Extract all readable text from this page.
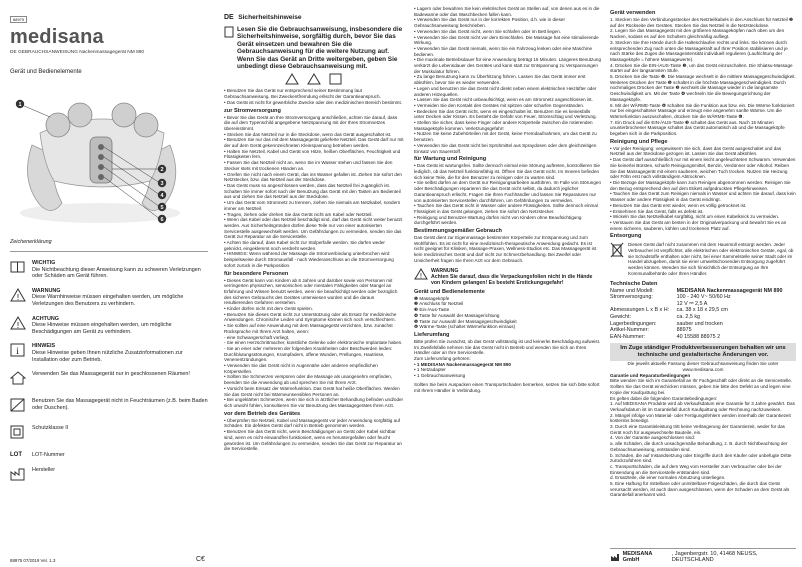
88975
medisana
DE GEBRAUCHSANWEISUNG Nackenmassagegerät NM 890
Gerät und Bedienelemente
1
2
3
4
5
6
Zeichenerklärung
WICHTIG
Die Nichtbeachtung dieser Anweisung kann zu schweren Verletzungen oder Schäden am Gerät führen.
!
WARNUNG
Diese Warnhinweise müssen eingehalten werden, um mögliche Verletzungen des Benutzers zu verhindern.
!
ACHTUNG
Diese Hinweise müssen eingehalten werden, um mögliche Beschädigungen am Gerät zu verhindern.
i HINWEIS
Diese Hinweise geben Ihnen nützliche Zusatzinformationen zur Installation oder zum Betrieb.
Verwenden Sie das Massagegerät nur in geschlossenen Räumen!
Benutzen Sie das Massagegerät nicht in Feuchträumen (z.B. beim Baden oder Duschen).
Schutzklasse II
LOT	LOT-Nummer
Hersteller
88975 07/2019 Ver. 1.3	C€
DE Sicherheitshinweise
Lesen Sie die Gebrauchsanweisung, insbesondere die Sicherheitshinweise, sorgfältig durch, bevor Sie das Gerät einsetzen und bewahren Sie die Gebrauchsanweisung für die weitere Nutzung auf. Wenn Sie das Gerät an Dritte weitergeben, geben Sie unbedingt diese Gebrauchsanweisung mit.

• Benutzen Sie das Gerät nur entsprechend seiner Bestimmung laut Gebrauchsanweisung. Bei Zweckentfremdung erlischt der Garantieanspruch.

• Das Gerät ist nicht für gewerbliche Zwecke oder den medizinischen Bereich bestimmt.

zur Stromversorgung

• Bevor Sie das Gerät an Ihre Stromversorgung anschließen, achten Sie darauf, dass die auf dem Typenschild angegebene Netzspannung mit der Ihres Stromnetzes übereinstimmt.

• Stecken Sie das Netzteil nur in die Steckdose, wenn das Gerät ausgeschaltet ist.

• Benutzen Sie nur das mit dem Massagegerät gelieferte Netzteil. Das Gerät darf nur mit der auf dem Gerät gekennzeichneten Kleinspannung betrieben werden.

• Halten Sie Netzteil, Kabel und Gerät von Hitze, heißen Oberflächen, Feuchtigkeit und Flüssigkeiten fern.

• Fassen Sie das Netzteil nicht an, wenn Sie im Wasser stehen und fassen Sie den Stecker stets mit trockenen Händen an.

• Greifen Sie nicht nach einem Gerät, das ins Wasser gefallen ist. Ziehen Sie sofort den Netzstecker, bzw. das Netzteil aus der Steckdose.

• Das Gerät muss so angeschlossen werden, dass das Netzteil frei zugänglich ist. Schalten Sie immer sofort nach der Benutzung das Gerät mit den Tasten am Bedienteil aus und ziehen Sie das Netzteil aus der Steckdose.

• Um das Gerät vom Stromnetz zu trennen, ziehen Sie niemals am Netzkabel, sondern immer am Netzteil.

• Tragen, ziehen oder drehen Sie das Gerät nicht am Kabel oder Netzteil.

• Wenn das Kabel oder das Netzteil beschädigt sind, darf das Gerät nicht weiter benutzt werden. Aus Sicherheitsgründen dürfen diese Teile nur von einer autorisierten Servicestelle ausgewechselt werden. Um Gefährdungen zu vermeiden, senden Sie das Gerät zur Reparatur an die Servicestelle.

• Achten Sie darauf, dass Kabel nicht zur Stolperfalle werden. Sie dürfen weder geknickt, eingeklemmt noch verdreht werden.

• HINWEIS: Wenn während der Massage die Stromverbindung unterbrochen wird beispielsweise durch Stromausfall - nach Wiederanschluss an die Stromversorgung sofort zurück in die Parkposition.

für besondere Personen

• Dieses Gerät kann von Kindern ab 8 Jahren und darüber sowie von Personen mit verringerten physischen, sensorischen oder mentalen Fähigkeiten oder Mangel an Erfahrung und Wissen benutzt werden, wenn sie beaufsichtigt werden oder bezüglich des sicheren Gebrauchs des Gerätes unterwiesen wurden und die daraus resultierenden Gefahren verstehen.

• Kinder dürfen nicht mit dem Gerät spielen.

• Benutzen Sie dieses Gerät nicht zur Unterstützung oder als Ersatz für medizinische Anwendungen. Chronische Leiden und Symptome können sich noch verschlechtern.

• Sie sollten auf eine Anwendung mit dem Massagegerät verzichten, bzw. zunächst Rücksprache mit Ihrem Arzt halten, wenn:

- eine Schwangerschaft vorliegt,

- Sie einen Herzschrittmacher, künstliche Gelenke oder elektronische Implantate haben.

- Sie an einer oder mehreren der folgenden Krankheiten oder Beschwerden leiden: Durchblutungsstörungen, Krampfadern, offene Wunden, Prellungen, Hautrisse, Venenentzündungen.

• Verwenden Sie das Gerät nicht in Augennähe oder anderen empfindlichen Körperstellen.

• Sollten Sie Schmerzen verspüren oder die Massage als unangenehm empfinden, beenden Sie die Anwendung ab und sprechen Sie mit Ihrem Arzt.

• Vorsicht beim Einsatz der Wärmefunktion. Das Gerät hat heiße Oberflächen. Werden Sie das Gerät nicht bei Wärmeunsensiblen Personen an.

• Bei ungeklärten Schmerzen, wenn Sie sich in ärztlicher Behandlung befinden und/oder sich unwohl fühlen, konsultieren Sie vor Benutzung des Massagegerätes Ihren Arzt.

vor dem Betrieb des Gerätes

• Überprüfen Sie Netzteil, Kabel und Massagegerät vor jeder Anwendung sorgfältig auf Schäden. Ein defektes Gerät darf nicht in Betrieb genommen werden.

• Benutzen Sie das Gerät nicht, wenn Beschädigungen an Gerät oder Kabel sichtbar sind, wenn es nicht einwandfrei funktioniert, wenn es heruntergefallen oder feucht geworden ist. Um Gefährdungen zu vermeiden, senden Sie das Gerät zur Reparatur an die Servicestelle.

• Lagern oder bewahren Sie kein elektrisches Gerät an Stellen auf, von denen aus es in die Badewanne oder das Waschbecken fallen kann.

• Verwenden Sie das Gerät nur in der korrekten Position, d.h. wie in dieser Gebrauchsanweisung beschrieben.

• Verwenden Sie das Gerät nicht, wenn Sie schlafen oder im Bett liegen.

• Verwenden Sie das Gerät nicht vor dem Einschlafen. Die Massage hat eine stimulierende Wirkung.

• Verwenden Sie das Gerät niemals, wenn Sie ein Fahrzeug lenken oder eine Maschine bedienen.

• Die maximale Betriebsdauer für eine Anwendung beträgt 15 Minuten. Längeres Benutzung verkürzt die Lebensdauer des Gerätes und kann statt zur Entspannung zu Verspannungen der Muskulatur führen.

• Zu lange Benutzung kann zu Überhitzung führen. Lassen Sie das Gerät immer erst abkühlen, bevor Sie es wieder verwenden.

• Legen und benutzen Sie das Gerät nicht direkt neben einem elektrischen Heizlüfter oder anderen Hitzequellen.

• Lassen Sie das Gerät nicht unbeaufsichtigt, wenn es am Stromnetz angeschlossen ist.

• Vermeiden Sie den Kontakt des Gerätes mit spitzen oder scharfen Gegenständen.

• Bedecken Sie das Gerät nicht, wenn es eingeschaltet ist. Benutzen Sie es keinesfalls unter Decken oder Kissen. Es besteht die Gefahr von Feuer, Stromschlag und Verletzung.

• Stellen Sie sicher, dass keine Finger oder andere Körperteile zwischen die rotierenden Massageköpfe kommen. Verletzungsgefahr!

• Nutzen Sie keine Zubehörteilen mit der Gerät, keine Fremdaufnahmen, um das Gerät zu benutzen.

• Verwenden Sie das Gerät nicht bei Sprühmittel aus Spraydosen oder dem gleichzeitigen Einsatz von Sauerstoff.

für Wartung und Reinigung

• Das Gerät ist wartungsfrei. Sollte dennoch einmal eine Störung auftreten, kontrollieren Sie lediglich, ob das Netzteil funktionsfähig ist. Öffnen Sie das Gerät nicht. Im Inneren befinden sich keine Teile, die für den Benutzer zu reinigen oder zu warten sind.

• Sie selbst dürfen an dem Gerät nur Reinigungsarbeiten ausführen. Im Falle von Störungen oder Beschädigungen reparieren Sie das Gerät nicht selbst, da dadurch jeglicher Garantieanspruch erlischt. Fragen Sie Ihren Fachhändler und lassen Sie Reparaturen nur von autorisierten Servicestellen durchführen, um Gefährdungen zu vermeiden.

• Tauchen Sie das Gerät nicht in Wasser oder andere Flüssigkeiten. Sollte dennoch einmal Flüssigkeit in das Gerät gelangen, ziehen Sie sofort den Netzstecker.

• Reinigung und Benutzer-Wartung dürfen nicht von Kindern ohne Beaufsichtigung durchgeführt werden.

Bestimmungsgemäßer Gebrauch

Das Gerät dient zur Eigenmassage bestimmter Körperteile zur Entspannung und zum Wohlfühlen. Es ist nicht für eine medizinisch-therapeutische Anwendung gedacht. Es ist nicht geeignet für Kliniken, Massage-Praxen, Wellness-Studios etc. Das Massagegerät ist kein medizinisches Gerät und darf nicht zur Schmerzbehandlung. Bei Zweifel oder Unsicherheit fragen Sie Ihren Arzt vor dem Gebrauch.

!
WARNUNG
Achten Sie darauf, dass die Verpackungsfolien nicht in die Hände von Kindern gelangen! Es besteht Erstickungsgefahr!
Gerät und Bedienelemente

❶ Massageköpfe

❷ Anschluss für Netzteil

❸ Ein-/Aus-Taste

❹ Taste für Auswahl der Massagerichtung

❺ Taste zur Auswahl der Massagegeschwindigkeit

❻ Wärme-Taste (schaltet Wärmefunktion ein/aus)

Lieferumfang

Bitte prüfen Sie zunächst, ob das Gerät vollständig ist und keinerlei Beschädigung aufweist. Im Zweifelsfalle nehmen Sie das Gerät nicht in Betrieb und wenden Sie sich an Ihren Händler oder an Ihre Servicestelle.

Zum Lieferumfang gehören:

• 1 MEDISANA Nackenmassagegerät NM 890

• 1 Netzadapter

• 1 Gebrauchsanweisung

Sollten Sie beim Auspacken einen Transportschaden bemerken, setzen Sie sich bitte sofort mit Ihrem Händler in Verbindung.

Gerät verwenden

1. Stecken Sie den Verbindungsstecker des Netzteilkabels in den Anschluss für Netzteil ❷ auf der Rückseite des Gerätes. Stecken Sie das Netzteil in die Netzsteckdose.

2. Legen Sie das Massagegerät mit den größeren Massageköpfen nach oben um den Nacken, sodass es auf den Schultern gleichmäßig aufliegt.

3. Stecken Sie Ihre Hände durch die Halteschlaufen rechts und links. Sie können durch entsprechenden Zug nach unten die Massagekraft auf Ihrer Position stabilisieren und je nach Stärke des Zuges die Massageintensität individuell regulieren (Laufrichtung der Massageköpfe = höhere Massagewerte).

4. Drücken Sie die EIN-/AUS-Taste ❸, um das Gerät einzuschalten. Die Shiatsu-Massage startet auf der langsamsten Stufe.

5. Drücken Sie die Taste ❺. Die Massage wechselt in die mittlere Massagegeschwindigkeit. Weiteres Drücken der Taste ❺ schaltet in die höchste Massagegeschwindigkeit. Durch nochmaliges Drücken der Taste ❺ wechselt die Massage wieder in die langsamste Geschwindigkeit um. Mit der Taste ❹ wechseln Sie die Bewegungsrichtung der Massageköpfe.

6. Mit der WÄRME-Taste ❻ schalten Sie die Funktion aus bzw. ein. Die Wärme funktioniert nur bei eingeschalteter Massage und erzeugt eine angenehm sanfte Wärme. Um die Wärmefunktion auszuschalten, drücken Sie die WÄRME-Taste ❻.

7. Ein Druck auf die EIN-/AUS-Taste ❸ schaltet das Gerät aus. Nach 15 Minuten ununterbrochener Massage schaltet das Gerät automatisch ab und die Massageköpfe begeben sich in die Parkposition.

Reinigung und Pflege

• Vor jeder Reinigung: vergewissern Sie sich, dass das Gerät ausgeschaltet und das Netzteil aus der Steckdose gezogen ist. Lassen Sie das Gerät abkühlen.

• Das Gerät darf ausschließlich nur mit einem leicht angefeuchteten Schwamm. Verwenden Sie keinerlei Bürsten, scharfe Reinigungsmittel, Benzin, Verdünner oder Alkohol. Reiben Sie das Massagegerät mit einem sauberen, weichen Tuch trocken. Nutzen Sie Heizung oder Föhn erst nach vollständigem Abtrocknen.

• Die Bezüge der Massageköpfe kann zum Reinigen abgenommen werden. Reinigen Sie den Bezug entsprechend den auf dem Etikett aufgedruckten Pflegehinweisen.

• Tauchen Sie das Gerät zum Reinigen niemals in Wasser und achten Sie darauf, dass kein Wasser oder andere Flüssigkeit in das Gerät eindringt.

• Benutzen Sie das Gerät erst wieder, wenn es völlig getrocknet ist.

• Entnehmen Sie das Gerät, falls es defekt ist.

• Wickeln Sie das Netzteilkabel sorgfältig, nicht um einen Kabelknick zu vermeiden.

• Verstauen Sie das Gerät am besten in der Originalverpackung und bewahrt Sie es an einem sicheren, sauberen, kühlen und trockenen Platz auf.

Entsorgung
Dieses Gerät darf nicht zusammen mit dem Hausmüll entsorgt werden. Jeder Verbraucher ist verpflichtet, alle elektrischen oder elektronischen Geräte, egal, ob sie Schadstoffe enthalten oder nicht, bei einer Sammelstelle seiner Stadt oder im Handel abzugeben, damit sie einer umweltschonenden Entsorgung zugeführt werden können. Wenden Sie sich hinsichtlich der Entsorgung an Ihre Kommunalbehörde oder Ihren Händler.
Technische Daten
Name und Modell:	MEDISANA Nackenmassagegerät NM 890
Stromversorgung:	100 - 240 V~ 50/60 Hz
	12 V ⎓ 2,5 A
Abmessungen L x B x H:	ca. 38 x 18 x 29,5 cm
Gewicht:	ca. 2,5 kg
Lagerbedingungen:	sauber und trocken
Artikel-Nummer:	88975
EAN-Nummer:	40 15588 88975 2
Im Zuge ständiger Produktverbesserungen behalten wir uns technische und gestalterische Änderungen vor.
Die jeweils aktuelle Fassung dieser Gebrauchsanweisung finden Sie unter www.medisana.com
Garantie und Reparaturbedingungen

Bitte wenden Sie sich im Garantiefall an Ihr Fachgeschäft oder direkt an die Servicestelle. Sollten Sie das Gerät einschicken müssen, geben Sie bitte den Defekt an und legen eine Kopie der Kaufquittung bei.

Es gelten dabei die folgenden Garantiebedingungen:

1. Auf MEDISANA Produkte wird ab Verkaufsdatum eine Garantie für 3 Jahre gewährt. Das Verkaufsdatum ist im Garantiefall durch Kaufquittung oder Rechnung nachzuweisen.

2. Mängel infolge von Material- oder Fertigungsfehlern werden innerhalb der Garantiezeit kostenlos beseitigt.

3. Durch eine Garantieleistung tritt keine Verlängerung der Garantiezeit, weder für das Gerät noch für ausgewechselte Bauteile, ein.

4. Von der Garantie ausgeschlossen sind:

a. alle Schäden, die durch unsachgemäße Behandlung, z. B. durch Nichtbeachtung der Gebrauchsanweisung, entstanden sind.

b. Schäden, die auf Instandsetzung oder Eingriffe durch den Käufer oder unbefugte Dritte zurückzuführen sind.

c. Transportschäden, die auf dem Weg vom Hersteller zum Verbraucher oder bei der Einsendung an die Servicestelle entstanden sind.

d. Ersatzteile, die einer normalen Abnutzung unterliegen.

5. Eine Haftung für mittelbare oder unmittelbare Folgeschäden, die durch das Gerät verursacht werden, ist auch dann ausgeschlossen, wenn der Schaden an dem Gerät als Garantiefall anerkannt wird.

MEDISANA GmbH
, Jagenbergstr. 10, 41468 NEUSS, DEUTSCHLAND
